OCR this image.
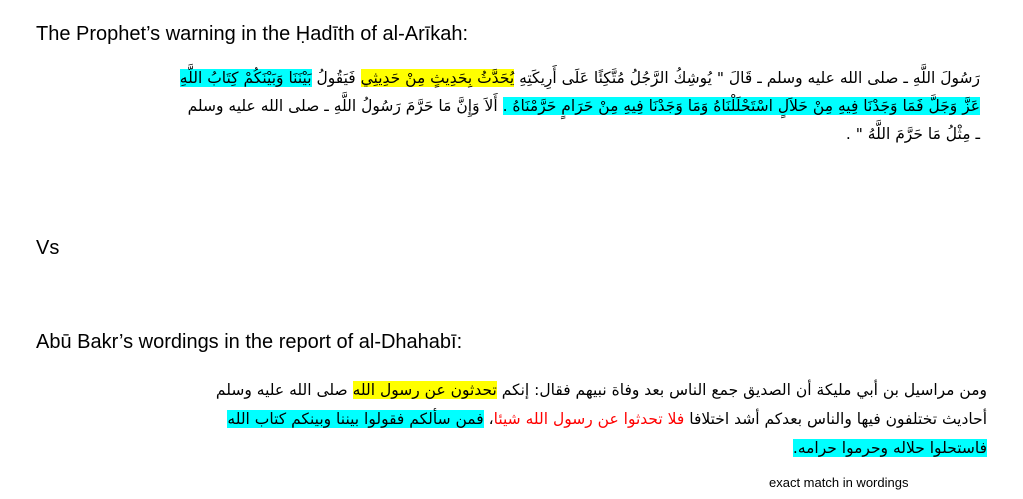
The Prophet’s warning in the Ḥadīth of al-Arīkah:
رَسُولَ اللَّهِ ـ صلى الله عليه وسلم ـ قَالَ " يُوشِكُ الرَّجُلُ مُتَّكِئًا عَلَى أَرِيكَتِهِ يُحَدَّثُ بِحَدِيثٍ مِنْ حَدِيثِي فَيَقُولُ بَيْنَنَا وَبَيْنَكُمْ كِتَابُ اللَّهِ
عَزَّ وَجَلَّ فَمَا وَجَدْنَا فِيهِ مِنْ حَلاَلٍ اسْتَحْلَلْنَاهُ وَمَا وَجَدْنَا فِيهِ مِنْ حَرَامٍ حَرَّمْنَاهُ . أَلاَ وَإِنَّ مَا حَرَّمَ رَسُولُ اللَّهِ ـ صلى الله عليه وسلم
ـ مِثْلُ مَا حَرَّمَ اللَّهُ " .
Vs
Abū Bakr’s wordings in the report of al-Dhahabī:
ومن مراسيل بن أبي مليكة أن الصديق جمع الناس بعد وفاة نبيهم فقال: إنكم تحدثون عن رسول الله صلى الله عليه وسلم
أحاديث تختلفون فيها والناس بعدكم أشد اختلافا فلا تحدثوا عن رسول الله شيئا، فمن سألكم فقولوا بيننا وبينكم كتاب الله
فاستحلوا حلاله وحرموا حرامه.
exact match in wordings
